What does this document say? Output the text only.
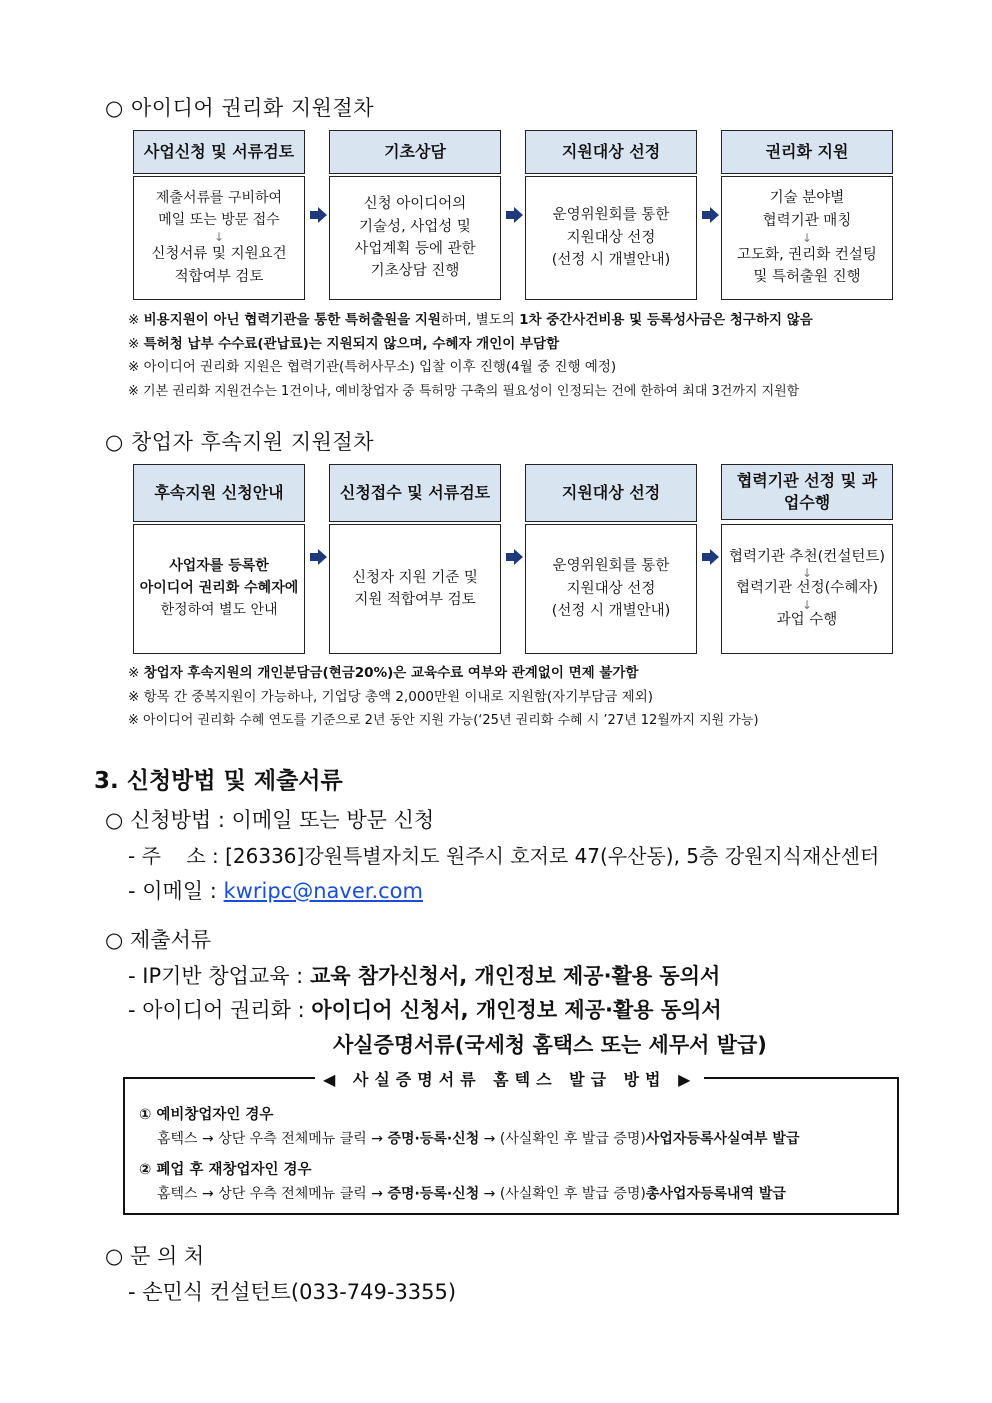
○ 아이디어 권리화 지원절차
사업신청 및 서류검토
제출서류를 구비하여
메일 또는 방문 접수
↓
신청서류 및 지원요건
적합여부 검토
기초상담
신청 아이디어의
기술성, 사업성 및
사업계획 등에 관한
기초상담 진행
지원대상 선정
운영위원회를 통한
지원대상 선정
(선정 시 개별안내)
권리화 지원
기술 분야별
협력기관 매칭
↓
고도화, 권리화 컨설팅
및 특허출원 진행
※ 비용지원이 아닌 협력기관을 통한 특허출원을 지원하며, 별도의 1차 중간사건비용 및 등록성사금은 청구하지 않음
※ 특허청 납부 수수료(관납료)는 지원되지 않으며, 수혜자 개인이 부담함
※ 아이디어 권리화 지원은 협력기관(특허사무소) 입찰 이후 진행(4월 중 진행 예정)
※ 기본 권리화 지원건수는 1건이나, 예비창업자 중 특허망 구축의 필요성이 인정되는 건에 한하여 최대 3건까지 지원함
○ 창업자 후속지원 지원절차
후속지원 신청안내
사업자를 등록한
아이디어 권리화 수혜자에
한정하여 별도 안내
신청접수 및 서류검토
신청자 지원 기준 및
지원 적합여부 검토
지원대상 선정
운영위원회를 통한
지원대상 선정
(선정 시 개별안내)
협력기관 선정 및 과업수행
협력기관 추천(컨설턴트)
↓
협력기관 선정(수혜자)
↓
과업 수행
※ 창업자 후속지원의 개인분담금(현금20%)은 교육수료 여부와 관계없이 면제 불가함
※ 항목 간 중복지원이 가능하나, 기업당 총액 2,000만원 이내로 지원함(자기부담금 제외)
※ 아이디어 권리화 수혜 연도를 기준으로 2년 동안 지원 가능(‘25년 권리화 수혜 시 ’27년 12월까지 지원 가능)
3. 신청방법 및 제출서류
○ 신청방법 : 이메일 또는 방문 신청
- 주    소 : [26336]강원특별자치도 원주시 호저로 47(우산동), 5층 강원지식재산센터
- 이메일 : kwripc@naver.com
○ 제출서류
- IP기반 창업교육 : 교육 참가신청서, 개인정보 제공·활용 동의서
- 아이디어 권리화 : 아이디어 신청서, 개인정보 제공·활용 동의서
사실증명서류(국세청 홈택스 또는 세무서 발급)
◀ 사실증명서류 홈텍스 발급 방법 ▶
① 예비창업자인 경우
홈텍스 → 상단 우측 전체메뉴 클릭 → 증명·등록·신청 → (사실확인 후 발급 증명)사업자등록사실여부 발급
② 폐업 후 재창업자인 경우
홈텍스 → 상단 우측 전체메뉴 클릭 → 증명·등록·신청 → (사실확인 후 발급 증명)총사업자등록내역 발급
○ 문 의 처
- 손민식 컨설턴트(033-749-3355)
